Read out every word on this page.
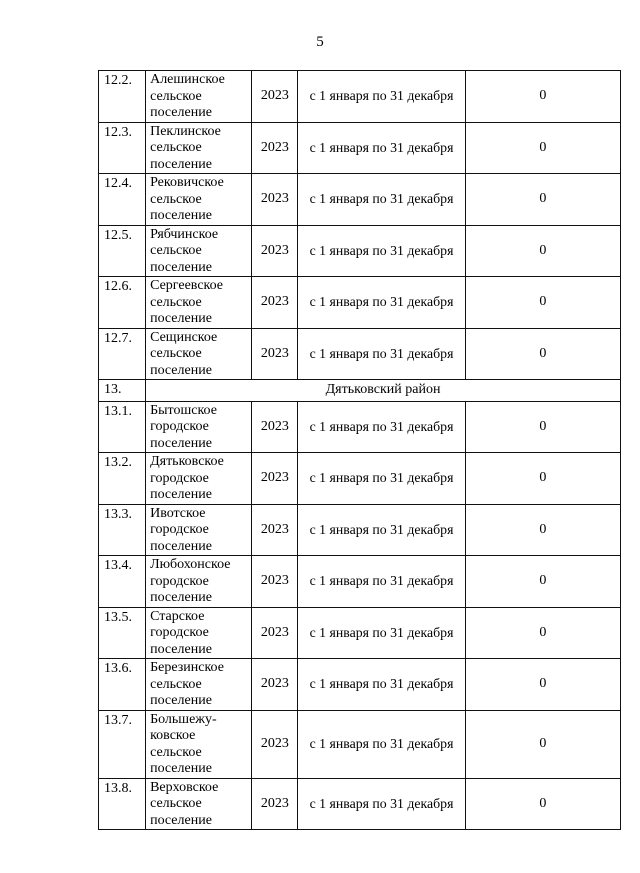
5
12.2.	Алешинское
сельское
поселение	2023	с 1 января по 31 декабря	0
12.3.	Пеклинское
сельское
поселение	2023	с 1 января по 31 декабря	0
12.4.	Рековичское
сельское
поселение	2023	с 1 января по 31 декабря	0
12.5.	Рябчинское
сельское
поселение	2023	с 1 января по 31 декабря	0
12.6.	Сергеевское
сельское
поселение	2023	с 1 января по 31 декабря	0
12.7.	Сещинское
сельское
поселение	2023	с 1 января по 31 декабря	0
13.	Дятьковский район			
13.1.	Бытошское
городское
поселение	2023	с 1 января по 31 декабря	0
13.2.	Дятьковское
городское
поселение	2023	с 1 января по 31 декабря	0
13.3.	Ивотское
городское
поселение	2023	с 1 января по 31 декабря	0
13.4.	Любохонское
городское
поселение	2023	с 1 января по 31 декабря	0
13.5.	Старское
городское
поселение	2023	с 1 января по 31 декабря	0
13.6.	Березинское
сельское
поселение	2023	с 1 января по 31 декабря	0
13.7.	Большежу-
ковское
сельское
поселение	2023	с 1 января по 31 декабря	0
13.8.	Верховское
сельское
поселение	2023	с 1 января по 31 декабря	0
